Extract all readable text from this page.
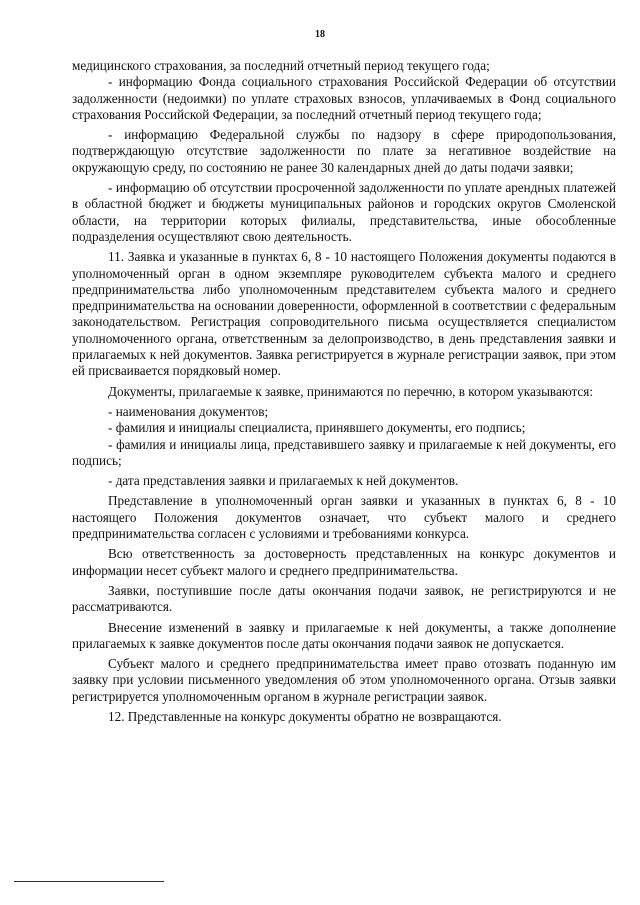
18

медицинского страхования, за последний отчетный период текущего года;

- информацию Фонда социального страхования Российской Федерации об отсутствии задолженности (недоимки) по уплате страховых взносов, уплачиваемых в Фонд социального страхования Российской Федерации, за последний отчетный период текущего года;

- информацию Федеральной службы по надзору в сфере природопользования, подтверждающую отсутствие задолженности по плате за негативное воздействие на окружающую среду, по состоянию не ранее 30 календарных дней до даты подачи заявки;

- информацию об отсутствии просроченной задолженности по уплате арендных платежей в областной бюджет и бюджеты муниципальных районов и городских округов Смоленской области, на территории которых филиалы, представительства, иные обособленные подразделения осуществляют свою деятельность.

11. Заявка и указанные в пунктах 6, 8 - 10 настоящего Положения документы подаются в уполномоченный орган в одном экземпляре руководителем субъекта малого и среднего предпринимательства либо уполномоченным представителем субъекта малого и среднего предпринимательства на основании доверенности, оформленной в соответствии с федеральным законодательством. Регистрация сопроводительного письма осуществляется специалистом уполномоченного органа, ответственным за делопроизводство, в день представления заявки и прилагаемых к ней документов. Заявка регистрируется в журнале регистрации заявок, при этом ей присваивается порядковый номер.

Документы, прилагаемые к заявке, принимаются по перечню, в котором указываются:

- наименования документов;

- фамилия и инициалы специалиста, принявшего документы, его подпись;

- фамилия и инициалы лица, представившего заявку и прилагаемые к ней документы, его подпись;

- дата представления заявки и прилагаемых к ней документов.

Представление в уполномоченный орган заявки и указанных в пунктах 6, 8 - 10 настоящего Положения документов означает, что субъект малого и среднего предпринимательства согласен с условиями и требованиями конкурса.

Всю ответственность за достоверность представленных на конкурс документов и информации несет субъект малого и среднего предпринимательства.

Заявки, поступившие после даты окончания подачи заявок, не регистрируются и не рассматриваются.

Внесение изменений в заявку и прилагаемые к ней документы, а также дополнение прилагаемых к заявке документов после даты окончания подачи заявок не допускается.

Субъект малого и среднего предпринимательства имеет право отозвать поданную им заявку при условии письменного уведомления об этом уполномоченного органа. Отзыв заявки регистрируется уполномоченным органом в журнале регистрации заявок.

12. Представленные на конкурс документы обратно не возвращаются.
